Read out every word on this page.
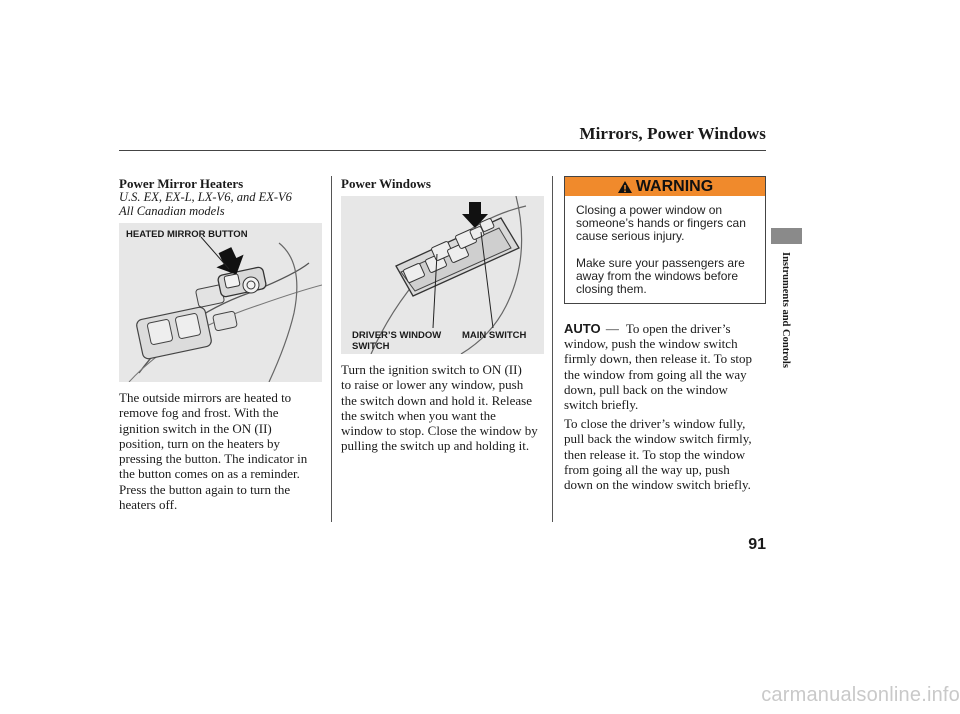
Mirrors, Power Windows
Power Mirror Heaters
U.S. EX, EX-L, LX-V6, and EX-V6
All Canadian models
HEATED MIRROR BUTTON
The outside mirrors are heated to
remove fog and frost. With the
ignition switch in the ON (II)
position, turn on the heaters by
pressing the button. The indicator in
the button comes on as a reminder.
Press the button again to turn the
heaters off.
Power Windows
DRIVER’S WINDOW
SWITCH
MAIN SWITCH
Turn the ignition switch to ON (II)
to raise or lower any window, push
the switch down and hold it. Release
the switch when you want the
window to stop. Close the window by
pulling the switch up and holding it.
WARNING
Closing a power window on
someone’s hands or fingers can
cause serious injury.
Make sure your passengers are
away from the windows before
closing them.
AUTO — To open the driver’s
window, push the window switch
firmly down, then release it. To stop
the window from going all the way
down, pull back on the window
switch briefly.
To close the driver’s window fully,
pull back the window switch firmly,
then release it. To stop the window
from going all the way up, push
down on the window switch briefly.
Instruments and Controls
91
carmanualsonline.info
